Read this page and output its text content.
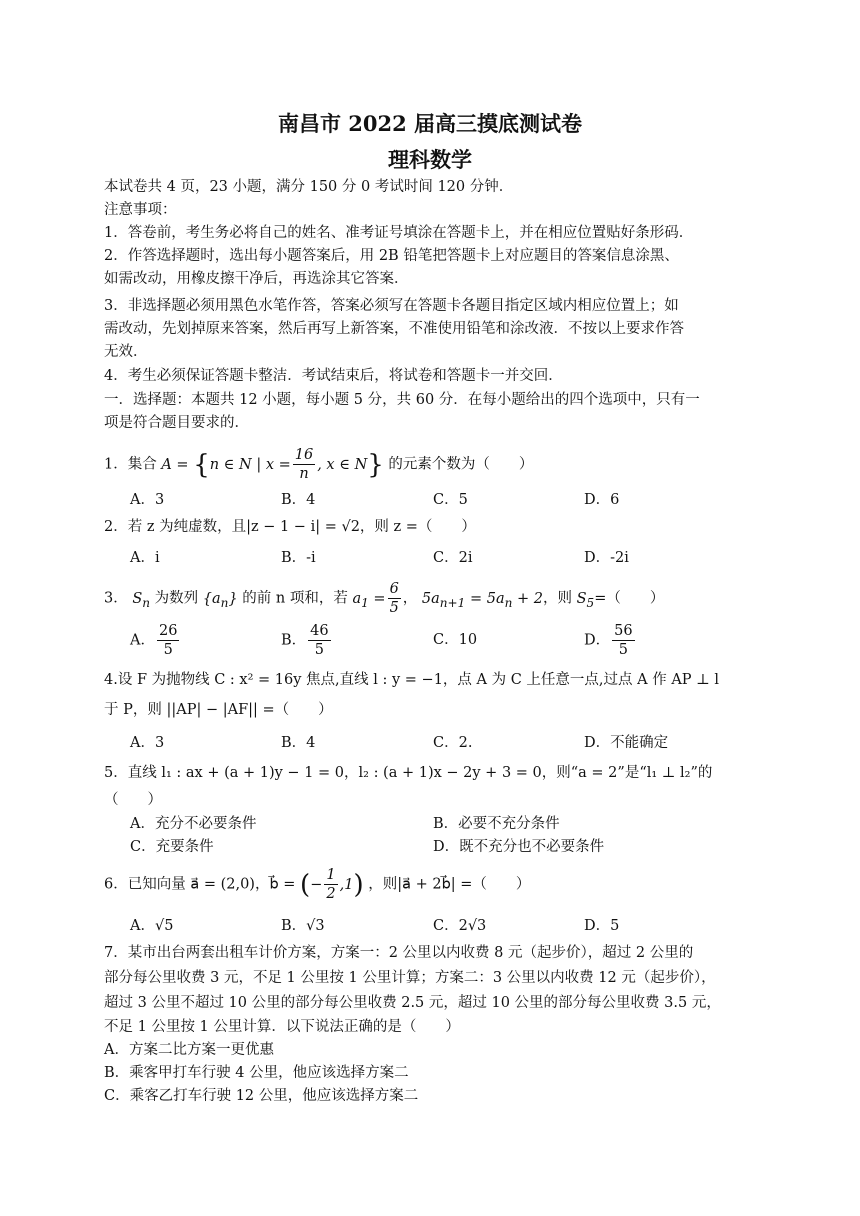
南昌市 2022 届高三摸底测试卷
理科数学
本试卷共 4 页，23 小题，满分 150 分 0 考试时间 120 分钟．
注意事项：
1．答卷前，考生务必将自己的姓名、准考证号填涂在答题卡上，并在相应位置贴好条形码．
2．作答选择题时，选出每小题答案后，用 2B 铅笔把答题卡上对应题目的答案信息涂黑、
如需改动，用橡皮擦干净后，再选涂其它答案．
3．非选择题必须用黑色水笔作答，答案必须写在答题卡各题目指定区域内相应位置上；如
需改动，先划掉原来答案，然后再写上新答案，不准使用铅笔和涂改液．不按以上要求作答
无效．
4．考生必须保证答题卡整洁．考试结束后，将试卷和答题卡一并交回．
一．选择题：本题共 12 小题，每小题 5 分，共 60 分．在每小题给出的四个选项中，只有一
项是符合题目要求的．
1．集合 A = {n ∈ N | $x = \frac{16}{n}$ , x ∈ N} 的元素个数为（　　）
A．3	B．4	C．5	D．6
2．若 z 为纯虚数，且|z − 1 − i| = √2，则 z =（　　）
A．i	B．-i	C．2i	D．-2i
3． $S_n$ 为数列 $\{a_n\}$ 的前 n 项和，若 $a_1 = \frac{6}{5}$ ， $5a_{n+1} = 5a_n + 2$，则 $S_5=$（　　）
A． $\frac{26}{5}$	B． $\frac{46}{5}$	C．10	D． $\frac{56}{5}$
4.设 F 为抛物线 C : x² = 16y 焦点,直线 l : y = −1，点 A 为 C 上任意一点,过点 A 作 AP ⊥ l
于 P，则 ||AP| − |AF|| =（　　）
A．3	B．4	C．2.	D．不能确定
5．直线 l₁ : ax + (a + 1)y − 1 = 0，l₂ : (a + 1)x − 2y + 3 = 0，则“a = 2”是“l₁ ⊥ l₂”的
（　　）
A．充分不必要条件	B．必要不充分条件
C．充要条件	D．既不充分也不必要条件
6．已知向量 a⃗ = (2,0)，b⃗ = (− $\frac{1}{2} ,1$) ，则|a⃗ + 2b⃗| =（　　）
A．√5	B．√3	C．2√3	D．5
7．某市出台两套出租车计价方案，方案一：2 公里以内收费 8 元（起步价），超过 2 公里的
部分每公里收费 3 元，不足 1 公里按 1 公里计算；方案二：3 公里以内收费 12 元（起步价），
超过 3 公里不超过 10 公里的部分每公里收费 2.5 元，超过 10 公里的部分每公里收费 3.5 元，
不足 1 公里按 1 公里计算．以下说法正确的是（　　）
A．方案二比方案一更优惠
B．乘客甲打车行驶 4 公里，他应该选择方案二
C．乘客乙打车行驶 12 公里，他应该选择方案二
